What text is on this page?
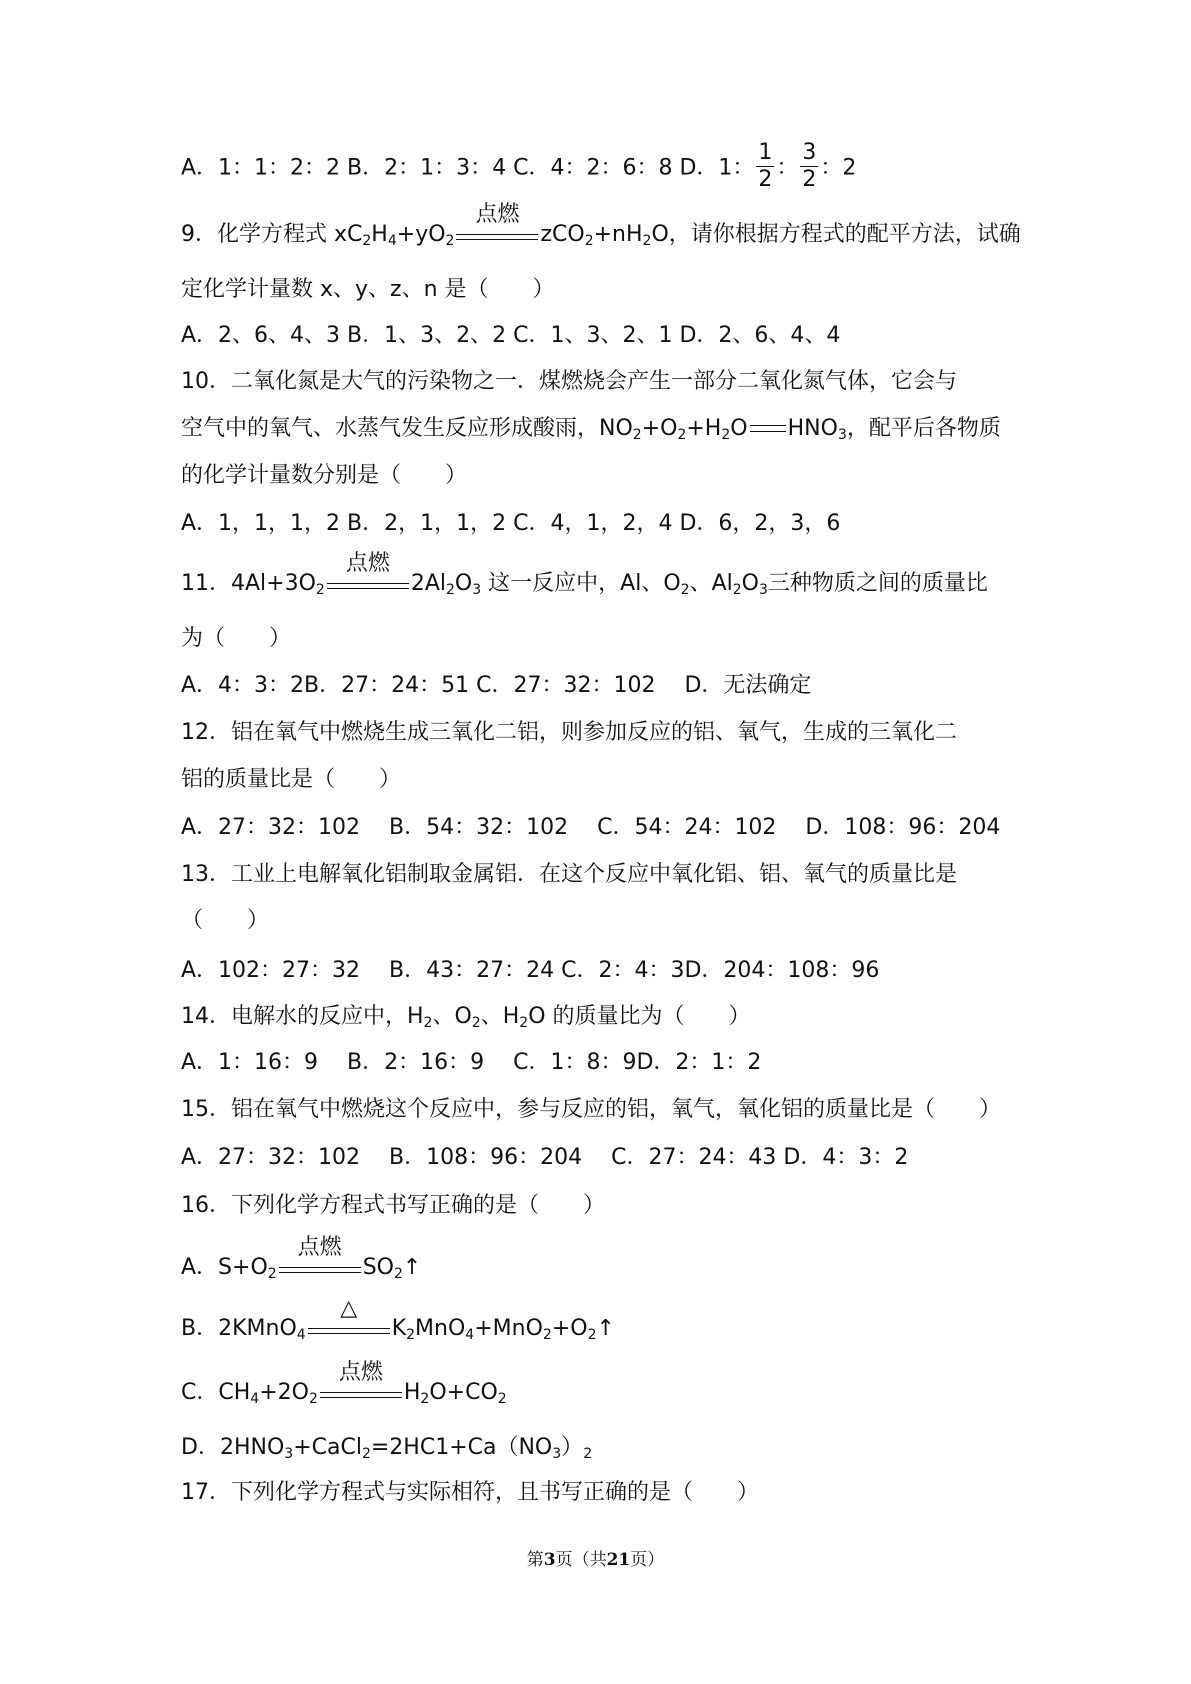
A．1：1：2：2 B．2：1：3：4 C．4：2：6：8 D．1： $\frac{1}{2}$ ： $\frac{3}{2}$ ：2
9．化学方程式 $xC_2H_4+yO_2$
点燃
$zCO_2+nH_2O$，请你根据方程式的配平方法，试确
定化学计量数 x、y、z、n 是（　　）
A．2、6、4、3 B．1、3、2、2 C．1、3、2、1 D．2、6、4、4
10．二氧化氮是大气的污染物之一．煤燃烧会产生一部分二氧化氮气体，它会与
空气中的氧气、水蒸气发生反应形成酸雨，$NO_2+O_2+H_2O$ $HNO_3$，配平后各物质
的化学计量数分别是（　　）
A．1，1，1，2 B．2，1，1，2 C．4，1，2，4 D．6，2，3，6
11．$4Al+3O_2$
点燃
$2Al_2O_3$ 这一反应中，Al、$O_2$、$Al_2O_3$三种物质之间的质量比
为（　　）
A．4：3：2B．27：24：51 C．27：32：102　 D．无法确定
12．铝在氧气中燃烧生成三氧化二铝，则参加反应的铝、氧气，生成的三氧化二
铝的质量比是（　　）
A．27：32：102　 B．54：32：102　 C．54：24：102　 D．108：96：204
13．工业上电解氧化铝制取金属铝．在这个反应中氧化铝、铝、氧气的质量比是
（　　）
A．102：27：32　 B．43：27：24 C．2：4：3D．204：108：96
14．电解水的反应中，$H_2$、$O_2$、$H_2O$ 的质量比为（　　）
A．1：16：9　 B．2：16：9　 C．1：8：9D．2：1：2
15．铝在氧气中燃烧这个反应中，参与反应的铝，氧气，氧化铝的质量比是（　　）
A．27：32：102　 B．108：96：204　 C．27：24：43 D．4：3：2
16．下列化学方程式书写正确的是（　　）
A．$S+O_2$
点燃
$SO_2↑$
B．2KMnO$_4$
△
$K_2MnO_4+MnO_2+O_2↑$
C．$CH_4+2O_2$
点燃
$H_2O+CO_2$
D．$2HNO_3+CaCl_2=2HC1+Ca(NO_3)_2$
17．下列化学方程式与实际相符，且书写正确的是（　　）
第3页（共21页）
